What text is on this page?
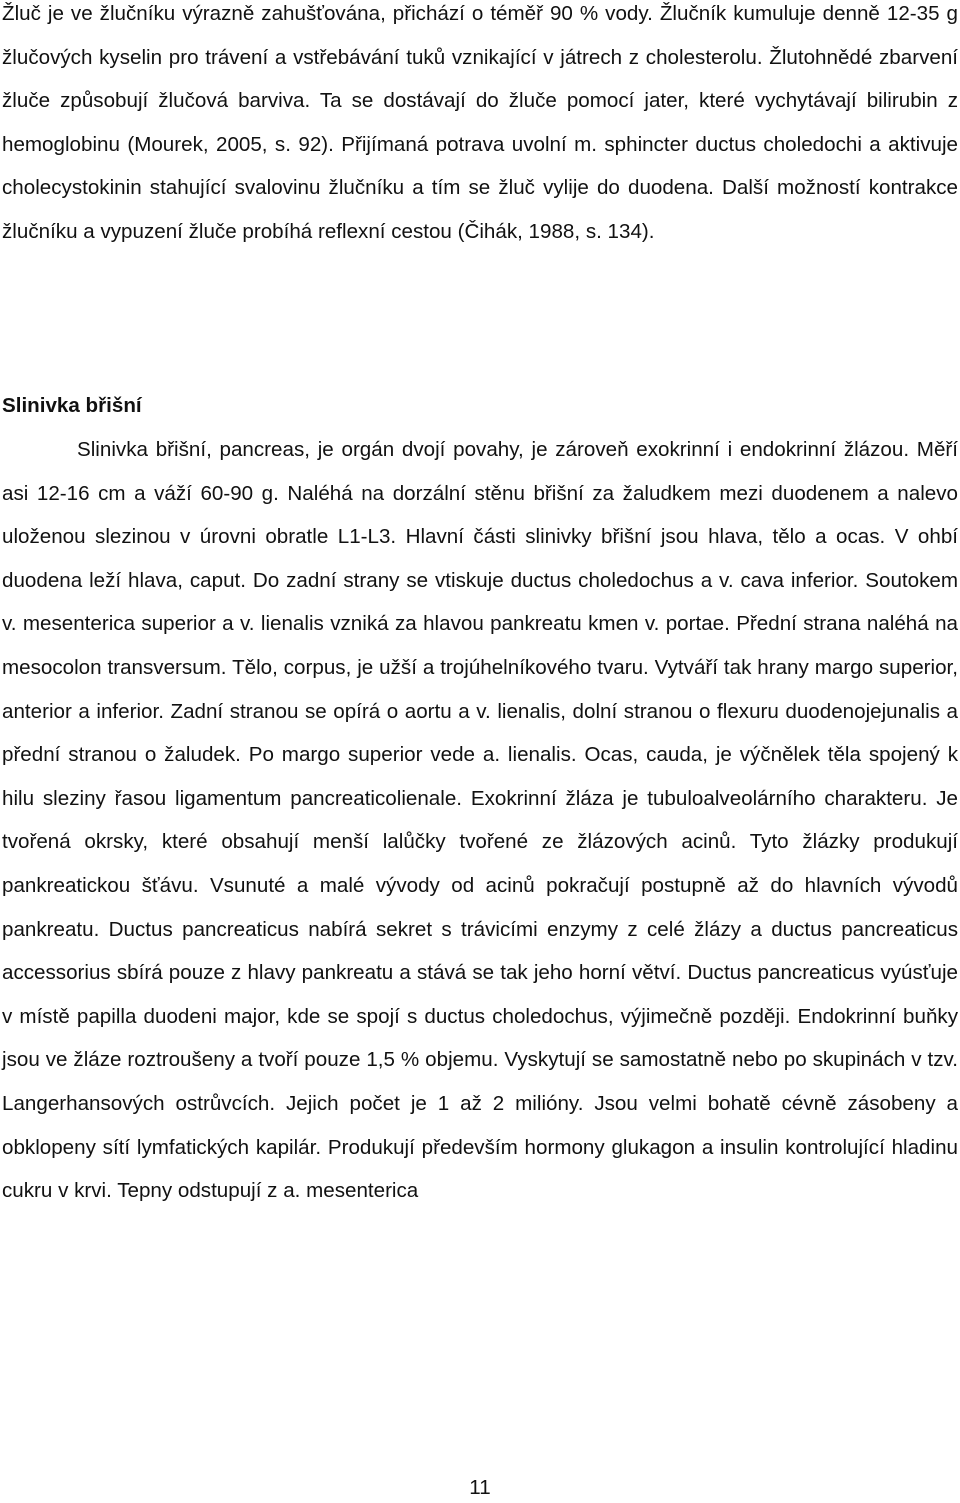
Žluč je ve žlučníku výrazně zahušťována, přichází o téměř 90 % vody. Žlučník kumuluje denně 12-35 g žlučových kyselin pro trávení a vstřebávání tuků vznikající v játrech z cholesterolu. Žlutohnědé zbarvení žluče způsobují žlučová barviva. Ta se dostávají do žluče pomocí jater, které vychytávají bilirubin z hemoglobinu (Mourek, 2005, s. 92). Přijímaná potrava uvolní m. sphincter ductus choledochi a aktivuje cholecystokinin stahující svalovinu žlučníku a tím se žluč vylije do duodena. Další možností kontrakce žlučníku a vypuzení žluče probíhá reflexní cestou (Čihák, 1988, s. 134).

Slinivka břišní

Slinivka břišní, pancreas, je orgán dvojí povahy, je zároveň exokrinní i endokrinní žlázou. Měří asi 12-16 cm a váží 60-90 g. Naléhá na dorzální stěnu břišní za žaludkem mezi duodenem a nalevo uloženou slezinou v úrovni obratle L1-L3. Hlavní části slinivky břišní jsou hlava, tělo a ocas. V ohbí duodena leží hlava, caput. Do zadní strany se vtiskuje ductus choledochus a v. cava inferior. Soutokem v. mesenterica superior a v. lienalis vzniká za hlavou pankreatu kmen v. portae. Přední strana naléhá na mesocolon transversum. Tělo, corpus, je užší a trojúhelníkového tvaru. Vytváří tak hrany margo superior, anterior a inferior. Zadní stranou se opírá o aortu a v. lienalis, dolní stranou o flexuru duodenojejunalis a přední stranou o žaludek. Po margo superior vede a. lienalis. Ocas, cauda, je výčnělek těla spojený k hilu sleziny řasou ligamentum pancreaticolienale. Exokrinní žláza je tubuloalveolárního charakteru. Je tvořená okrsky, které obsahují menší lalůčky tvořené ze žlázových acinů. Tyto žlázky produkují pankreatickou šťávu. Vsunuté a malé vývody od acinů pokračují postupně až do hlavních vývodů pankreatu. Ductus pancreaticus nabírá sekret s trávicími enzymy z celé žlázy a ductus pancreaticus accessorius sbírá pouze z hlavy pankreatu a stává se tak jeho horní větví. Ductus pancreaticus vyúsťuje v místě papilla duodeni major, kde se spojí s ductus choledochus, výjimečně později. Endokrinní buňky jsou ve žláze roztroušeny a tvoří pouze 1,5 % objemu. Vyskytují se samostatně nebo po skupinách v tzv. Langerhansových ostrůvcích. Jejich počet je 1 až 2 milióny. Jsou velmi bohatě cévně zásobeny a obklopeny sítí lymfatických kapilár. Produkují především hormony glukagon a insulin kontrolující hladinu cukru v krvi. Tepny odstupují z a. mesenterica

11
